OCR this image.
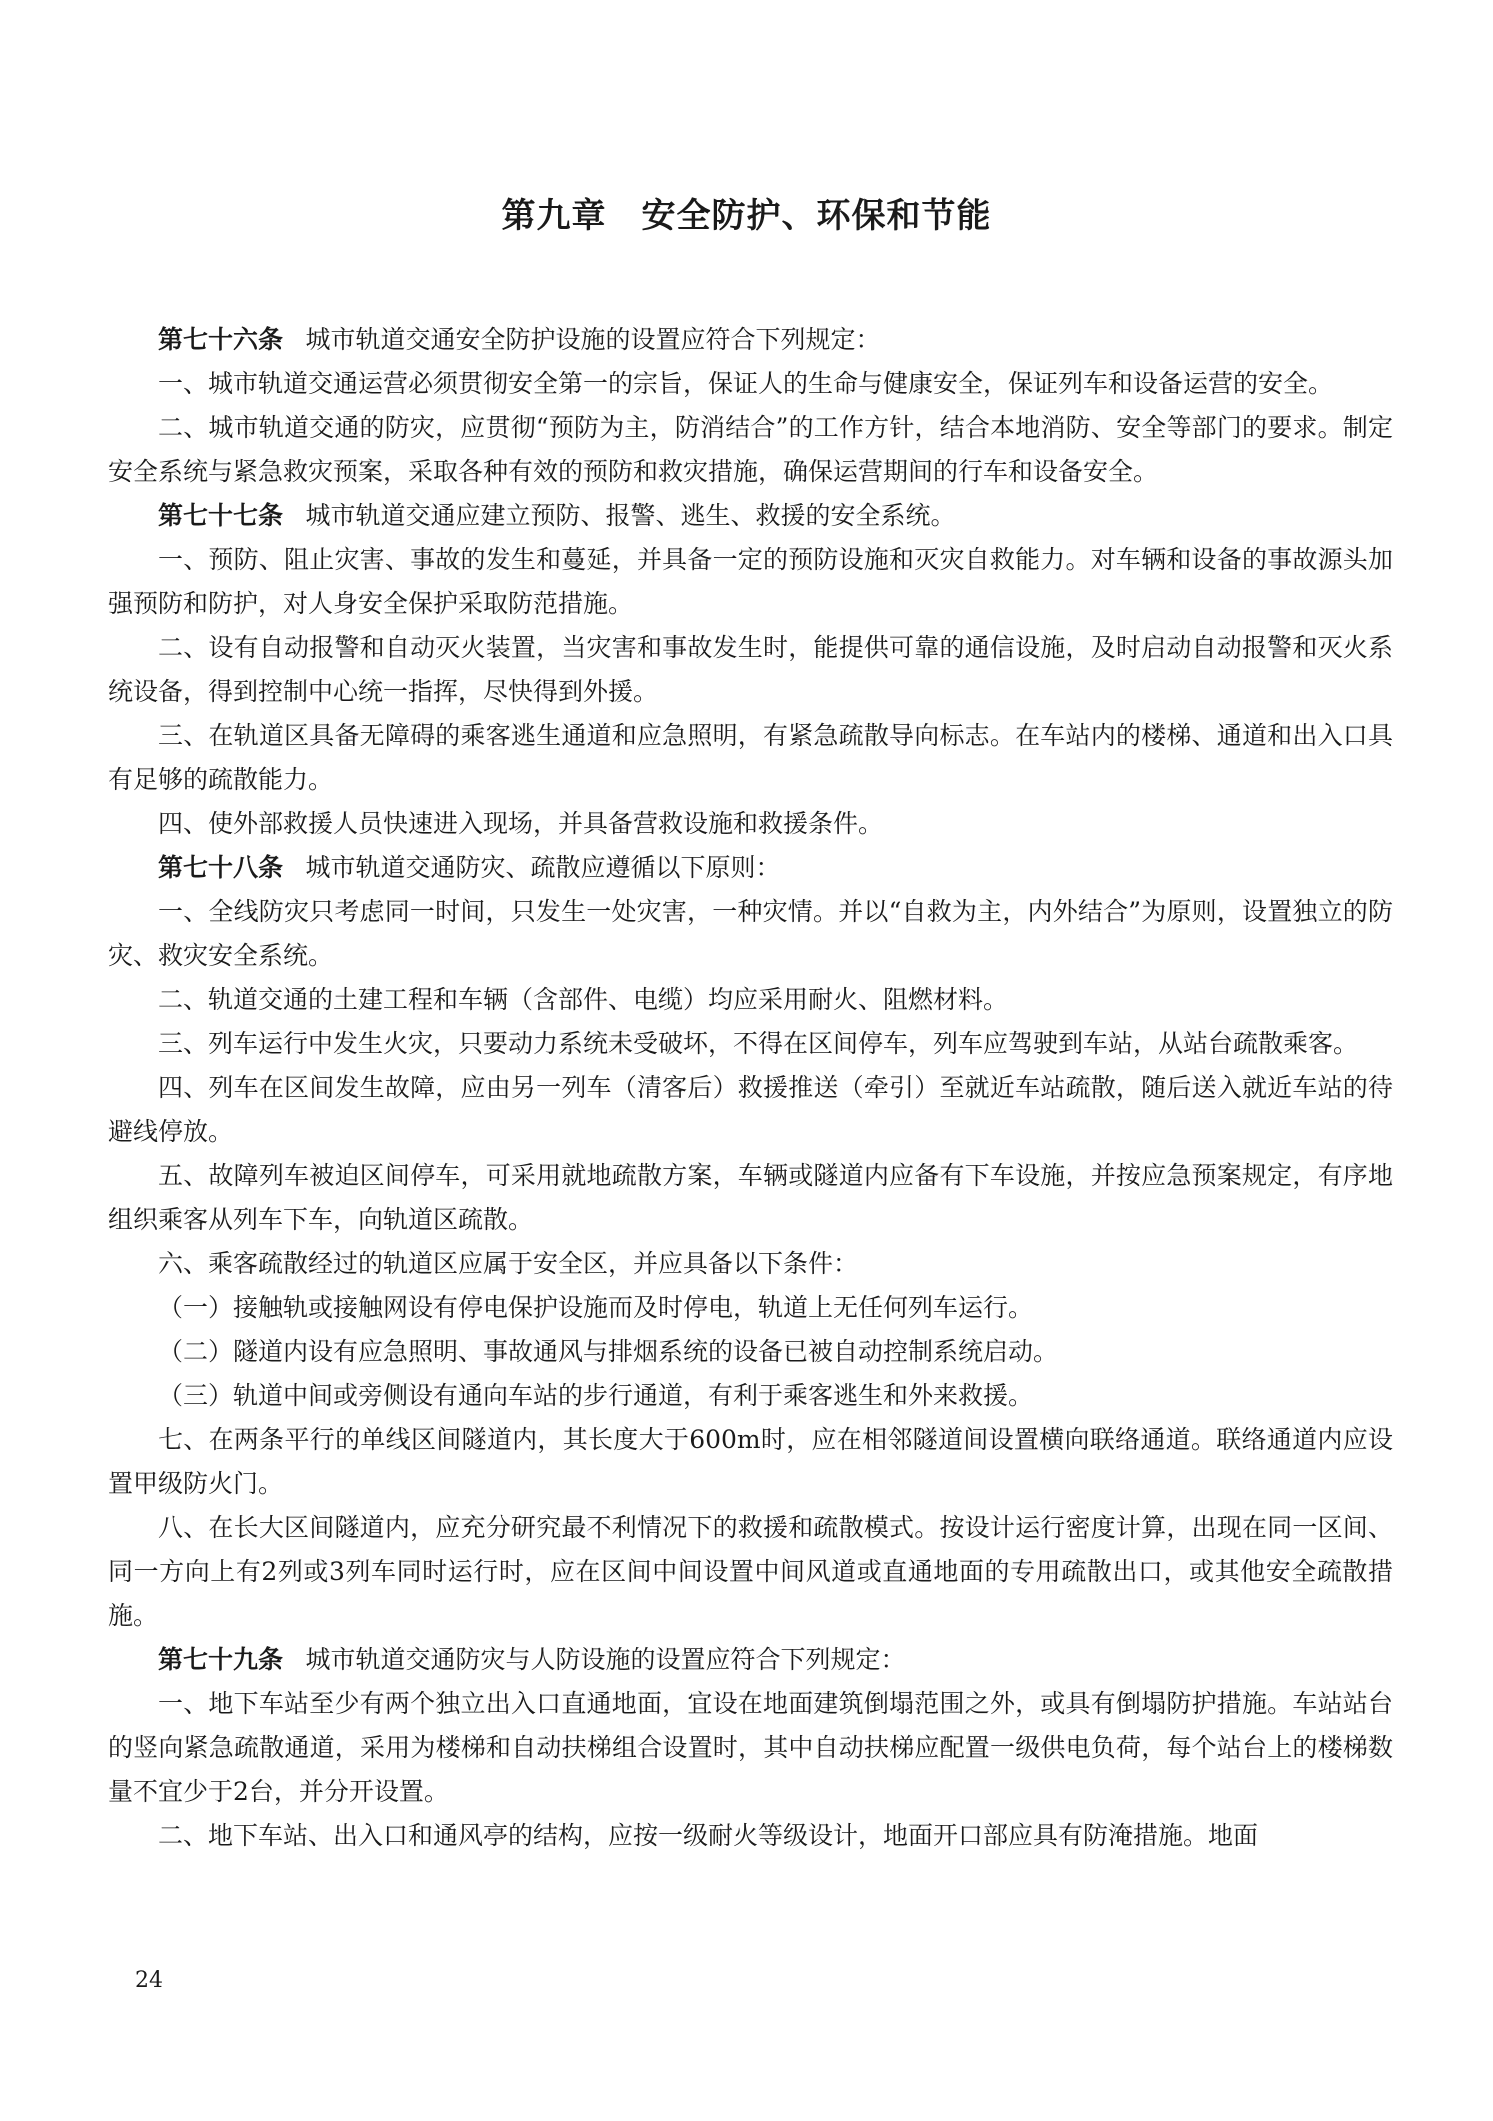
第九章　安全防护、环保和节能

第七十六条 城市轨道交通安全防护设施的设置应符合下列规定：

一、城市轨道交通运营必须贯彻安全第一的宗旨，保证人的生命与健康安全，保证列车和设备运营的安全。

二、城市轨道交通的防灾，应贯彻“预防为主，防消结合”的工作方针，结合本地消防、安全等部门的要求。制定安全系统与紧急救灾预案，采取各种有效的预防和救灾措施，确保运营期间的行车和设备安全。

第七十七条 城市轨道交通应建立预防、报警、逃生、救援的安全系统。

一、预防、阻止灾害、事故的发生和蔓延，并具备一定的预防设施和灭灾自救能力。对车辆和设备的事故源头加强预防和防护，对人身安全保护采取防范措施。

二、设有自动报警和自动灭火装置，当灾害和事故发生时，能提供可靠的通信设施，及时启动自动报警和灭火系统设备，得到控制中心统一指挥，尽快得到外援。

三、在轨道区具备无障碍的乘客逃生通道和应急照明，有紧急疏散导向标志。在车站内的楼梯、通道和出入口具有足够的疏散能力。

四、使外部救援人员快速进入现场，并具备营救设施和救援条件。

第七十八条 城市轨道交通防灾、疏散应遵循以下原则：

一、全线防灾只考虑同一时间，只发生一处灾害，一种灾情。并以“自救为主，内外结合”为原则，设置独立的防灾、救灾安全系统。

二、轨道交通的土建工程和车辆（含部件、电缆）均应采用耐火、阻燃材料。

三、列车运行中发生火灾，只要动力系统未受破坏，不得在区间停车，列车应驾驶到车站，从站台疏散乘客。

四、列车在区间发生故障，应由另一列车（清客后）救援推送（牵引）至就近车站疏散，随后送入就近车站的待避线停放。

五、故障列车被迫区间停车，可采用就地疏散方案，车辆或隧道内应备有下车设施，并按应急预案规定，有序地组织乘客从列车下车，向轨道区疏散。

六、乘客疏散经过的轨道区应属于安全区，并应具备以下条件：

（一）接触轨或接触网设有停电保护设施而及时停电，轨道上无任何列车运行。

（二）隧道内设有应急照明、事故通风与排烟系统的设备已被自动控制系统启动。

（三）轨道中间或旁侧设有通向车站的步行通道，有利于乘客逃生和外来救援。

七、在两条平行的单线区间隧道内，其长度大于600m时，应在相邻隧道间设置横向联络通道。联络通道内应设置甲级防火门。

八、在长大区间隧道内，应充分研究最不利情况下的救援和疏散模式。按设计运行密度计算，出现在同一区间、同一方向上有2列或3列车同时运行时，应在区间中间设置中间风道或直通地面的专用疏散出口，或其他安全疏散措施。

第七十九条 城市轨道交通防灾与人防设施的设置应符合下列规定：

一、地下车站至少有两个独立出入口直通地面，宜设在地面建筑倒塌范围之外，或具有倒塌防护措施。车站站台的竖向紧急疏散通道，采用为楼梯和自动扶梯组合设置时，其中自动扶梯应配置一级供电负荷，每个站台上的楼梯数量不宜少于2台，并分开设置。

二、地下车站、出入口和通风亭的结构，应按一级耐火等级设计，地面开口部应具有防淹措施。地面

24
